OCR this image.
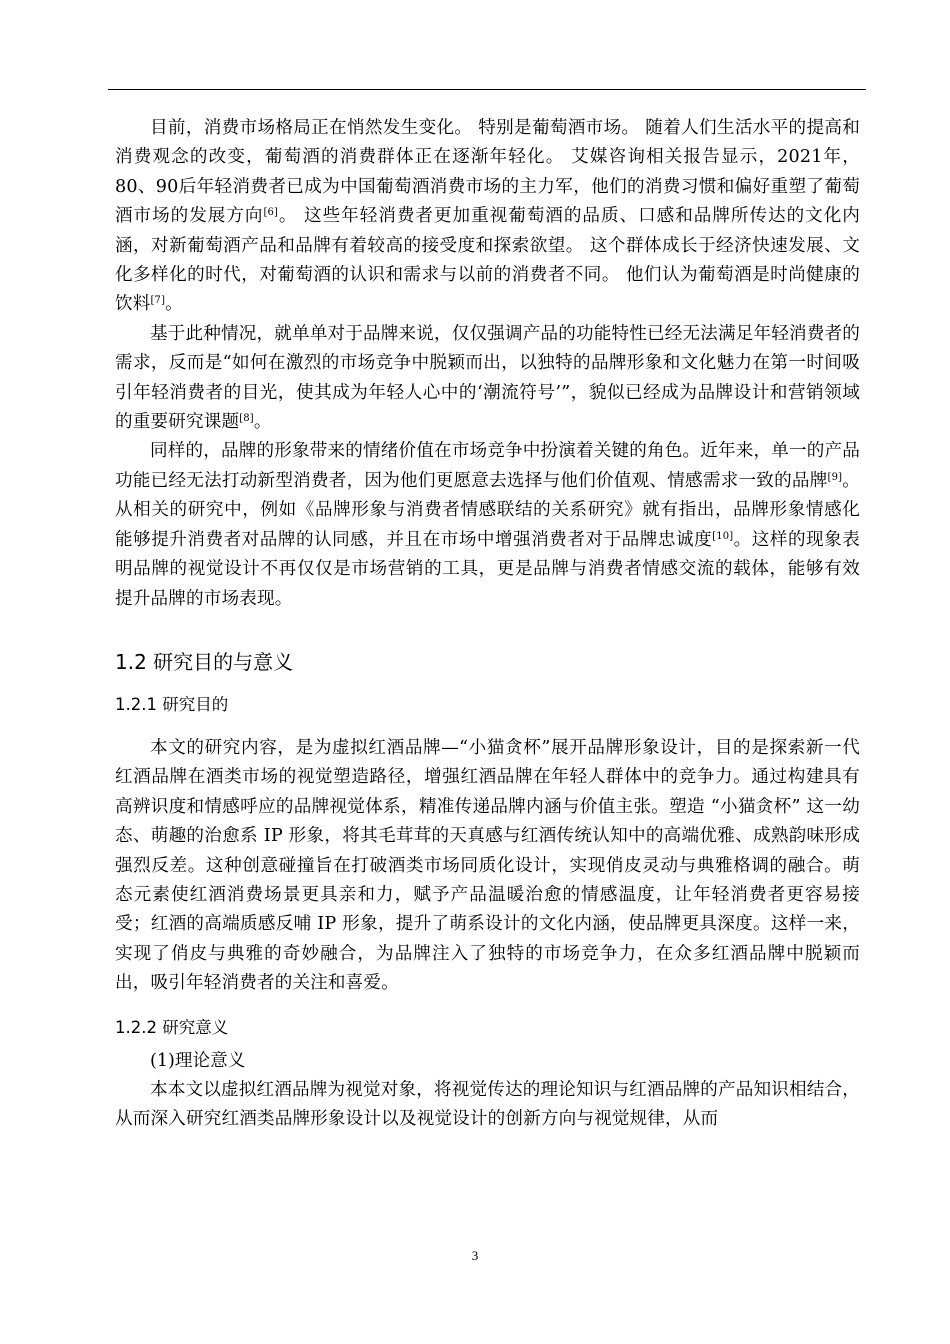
目前，消费市场格局正在悄然发生变化。 特别是葡萄酒市场。 随着人们生活水平的提高和消费观念的改变，葡萄酒的消费群体正在逐渐年轻化。 艾媒咨询相关报告显示，2021年，80、90后年轻消费者已成为中国葡萄酒消费市场的主力军，他们的消费习惯和偏好重塑了葡萄酒市场的发展方向[6]。 这些年轻消费者更加重视葡萄酒的品质、口感和品牌所传达的文化内涵，对新葡萄酒产品和品牌有着较高的接受度和探索欲望。 这个群体成长于经济快速发展、文化多样化的时代，对葡萄酒的认识和需求与以前的消费者不同。 他们认为葡萄酒是时尚健康的饮料[7]。

基于此种情况，就单单对于品牌来说，仅仅强调产品的功能特性已经无法满足年轻消费者的需求，反而是“如何在激烈的市场竞争中脱颖而出，以独特的品牌形象和文化魅力在第一时间吸引年轻消费者的目光，使其成为年轻人心中的‘潮流符号’”，貌似已经成为品牌设计和营销领域的重要研究课题[8]。

同样的，品牌的形象带来的情绪价值在市场竞争中扮演着关键的角色。近年来，单一的产品功能已经无法打动新型消费者，因为他们更愿意去选择与他们价值观、情感需求一致的品牌[9]。从相关的研究中，例如《品牌形象与消费者情感联结的关系研究》就有指出，品牌形象情感化能够提升消费者对品牌的认同感，并且在市场中增强消费者对于品牌忠诚度[10]。这样的现象表明品牌的视觉设计不再仅仅是市场营销的工具，更是品牌与消费者情感交流的载体，能够有效提升品牌的市场表现。

1.2 研究目的与意义
1.2.1 研究目的

本文的研究内容，是为虚拟红酒品牌—“小猫贪杯”展开品牌形象设计，目的是探索新一代红酒品牌在酒类市场的视觉塑造路径，增强红酒品牌在年轻人群体中的竞争力。通过构建具有高辨识度和情感呼应的品牌视觉体系，精准传递品牌内涵与价值主张。塑造 “小猫贪杯” 这一幼态、萌趣的治愈系 IP 形象，将其毛茸茸的天真感与红酒传统认知中的高端优雅、成熟韵味形成强烈反差。这种创意碰撞旨在打破酒类市场同质化设计，实现俏皮灵动与典雅格调的融合。萌态元素使红酒消费场景更具亲和力，赋予产品温暖治愈的情感温度，让年轻消费者更容易接受；红酒的高端质感反哺 IP 形象，提升了萌系设计的文化内涵，使品牌更具深度。这样一来，实现了俏皮与典雅的奇妙融合，为品牌注入了独特的市场竞争力，在众多红酒品牌中脱颖而出，吸引年轻消费者的关注和喜爱。

1.2.2 研究意义

(1)理论意义

本本文以虚拟红酒品牌为视觉对象，将视觉传达的理论知识与红酒品牌的产品知识相结合，从而深入研究红酒类品牌形象设计以及视觉设计的创新方向与视觉规律，从而

3
